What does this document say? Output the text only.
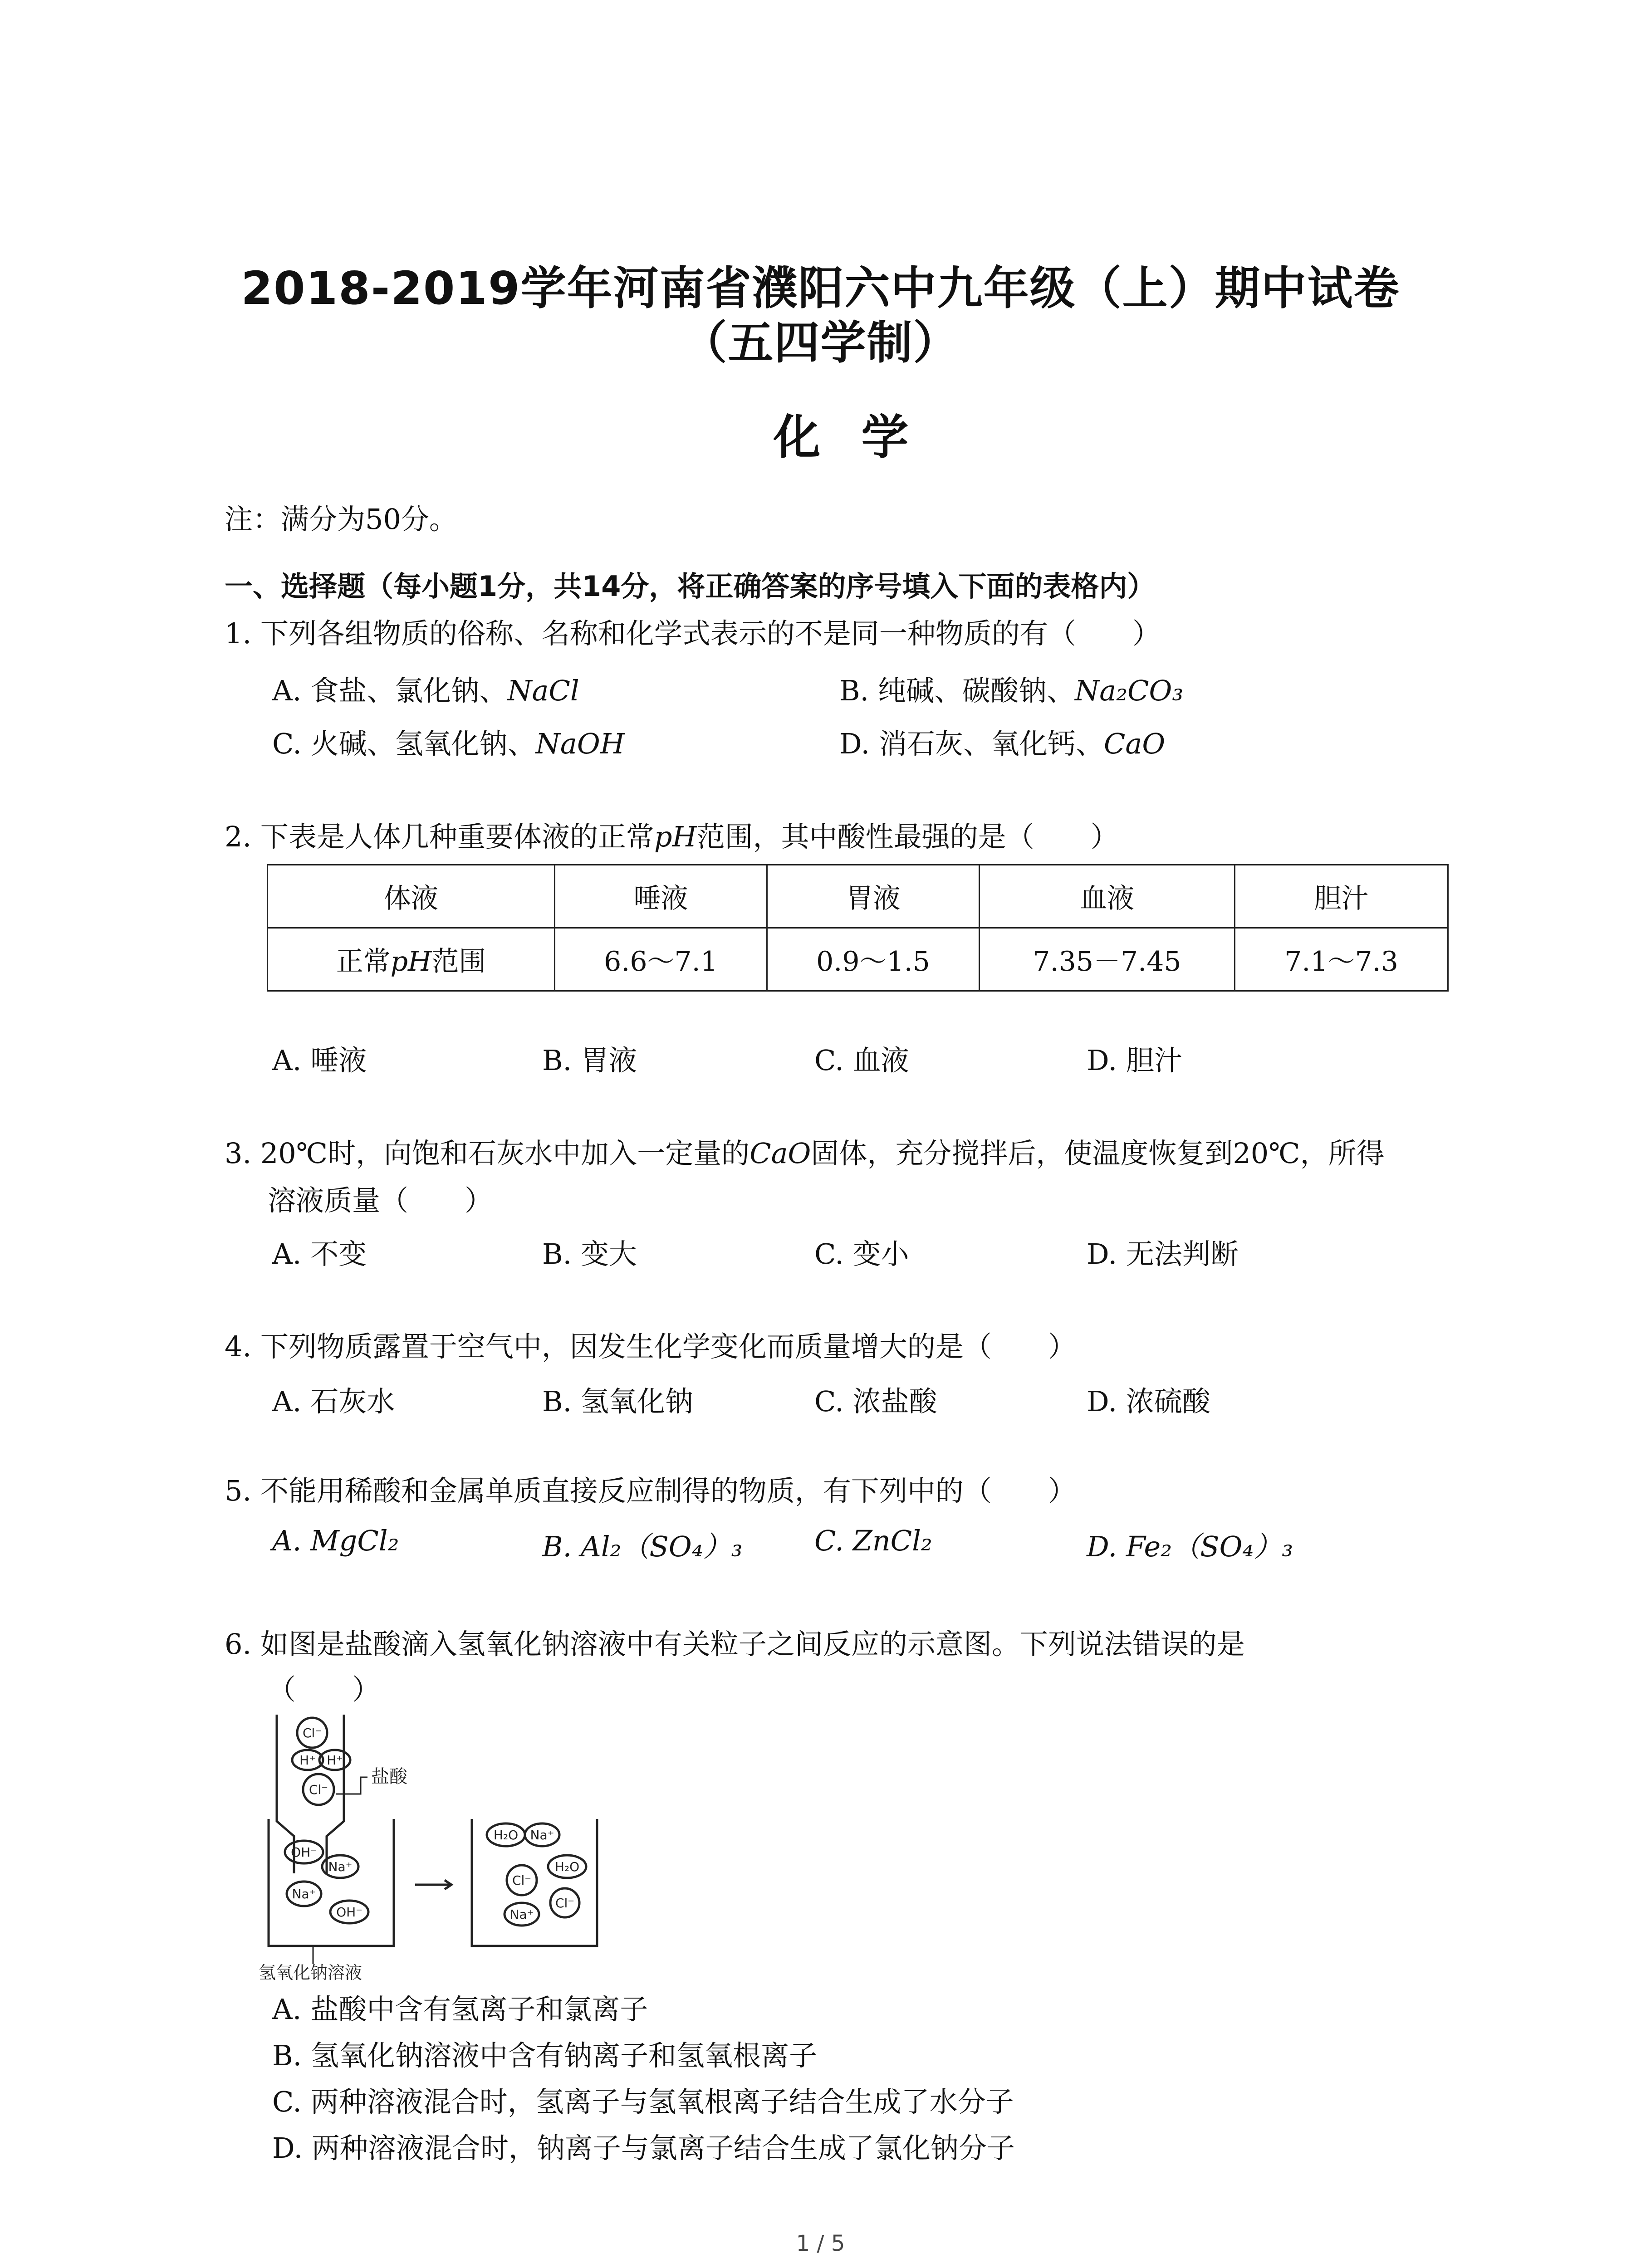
2018-2019学年河南省濮阳六中九年级（上）期中试卷
（五四学制）
化学
注：满分为50分。
一、选择题（每小题1分，共14分，将正确答案的序号填入下面的表格内）
1. 下列各组物质的俗称、名称和化学式表示的不是同一种物质的有（　　）
A. 食盐、氯化钠、NaCl	B. 纯碱、碳酸钠、Na₂CO₃
C. 火碱、氢氧化钠、NaOH	D. 消石灰、氧化钙、CaO
2. 下表是人体几种重要体液的正常pH范围，其中酸性最强的是（　　）
体液	唾液	胃液	血液	胆汁
正常pH范围	6.6～7.1	0.9～1.5	7.35－7.45	7.1～7.3
A. 唾液	B. 胃液	C. 血液	D. 胆汁
3. 20℃时，向饱和石灰水中加入一定量的CaO固体，充分搅拌后，使温度恢复到20℃，所得
溶液质量（　　）
A. 不变	B. 变大	C. 变小	D. 无法判断
4. 下列物质露置于空气中，因发生化学变化而质量增大的是（　　）
A. 石灰水	B. 氢氧化钠	C. 浓盐酸	D. 浓硫酸
5. 不能用稀酸和金属单质直接反应制得的物质，有下列中的（　　）
A. MgCl₂	B. Al₂（SO₄）₃	C. ZnCl₂	D. Fe₂（SO₄）₃
6. 如图是盐酸滴入氢氧化钠溶液中有关粒子之间反应的示意图。下列说法错误的是
（　　）
Cl⁻
H⁺ H⁺
Cl⁻
OH⁻
Na⁺
Na⁺
OH⁻
H₂O Na⁺
H₂O
Cl⁻
Cl⁻
Na⁺
盐酸
氢氧化钠溶液
A. 盐酸中含有氢离子和氯离子
B. 氢氧化钠溶液中含有钠离子和氢氧根离子
C. 两种溶液混合时，氢离子与氢氧根离子结合生成了水分子
D. 两种溶液混合时，钠离子与氯离子结合生成了氯化钠分子
1 / 5
